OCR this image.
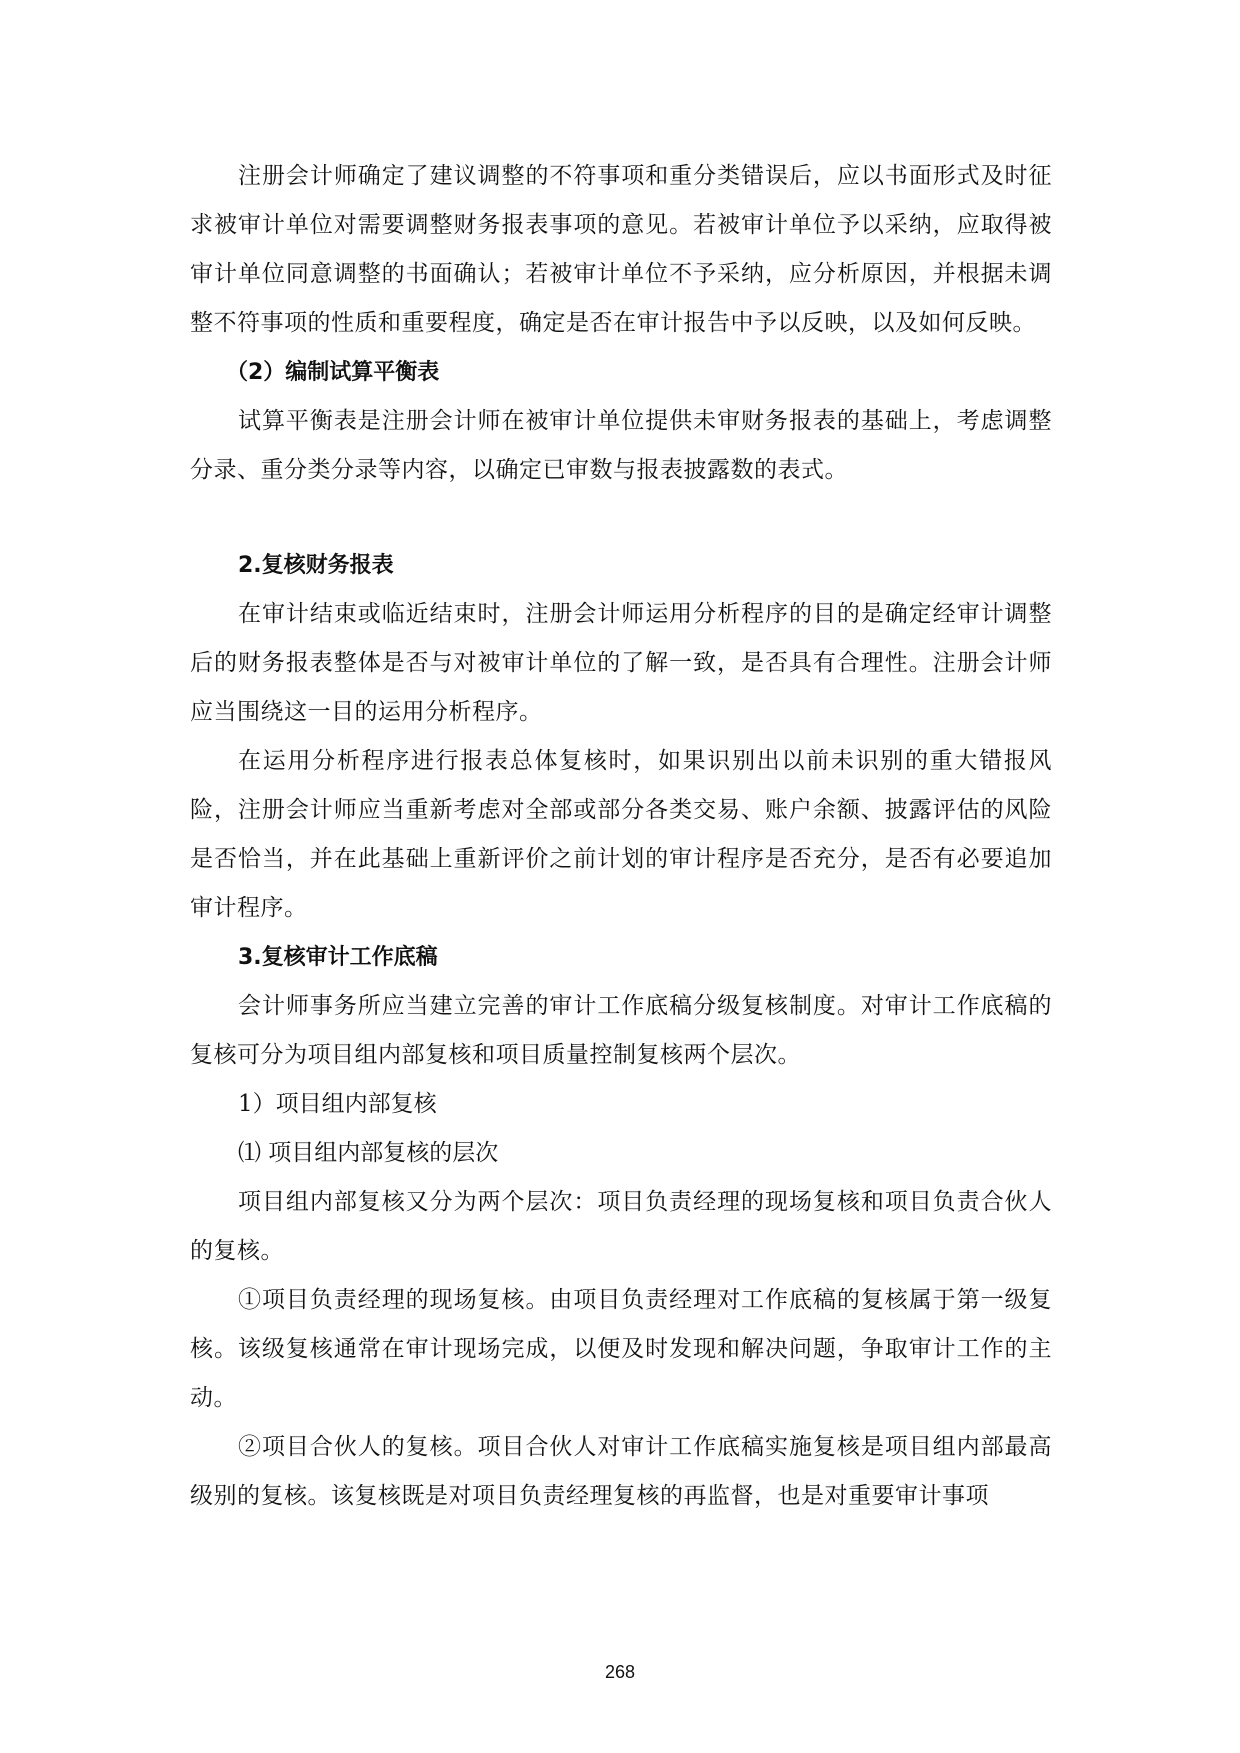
注册会计师确定了建议调整的不符事项和重分类错误后，应以书面形式及时征求被审计单位对需要调整财务报表事项的意见。若被审计单位予以采纳，应取得被审计单位同意调整的书面确认；若被审计单位不予采纳，应分析原因，并根据未调整不符事项的性质和重要程度，确定是否在审计报告中予以反映，以及如何反映。

（2）编制试算平衡表

试算平衡表是注册会计师在被审计单位提供未审财务报表的基础上，考虑调整分录、重分类分录等内容，以确定已审数与报表披露数的表式。

2.复核财务报表

在审计结束或临近结束时，注册会计师运用分析程序的目的是确定经审计调整后的财务报表整体是否与对被审计单位的了解一致，是否具有合理性。注册会计师应当围绕这一目的运用分析程序。

在运用分析程序进行报表总体复核时，如果识别出以前未识别的重大错报风险，注册会计师应当重新考虑对全部或部分各类交易、账户余额、披露评估的风险是否恰当，并在此基础上重新评价之前计划的审计程序是否充分，是否有必要追加审计程序。

3.复核审计工作底稿

会计师事务所应当建立完善的审计工作底稿分级复核制度。对审计工作底稿的复核可分为项目组内部复核和项目质量控制复核两个层次。

1）项目组内部复核

⑴ 项目组内部复核的层次

项目组内部复核又分为两个层次：项目负责经理的现场复核和项目负责合伙人的复核。

①项目负责经理的现场复核。由项目负责经理对工作底稿的复核属于第一级复核。该级复核通常在审计现场完成，以便及时发现和解决问题，争取审计工作的主动。

②项目合伙人的复核。项目合伙人对审计工作底稿实施复核是项目组内部最高级别的复核。该复核既是对项目负责经理复核的再监督，也是对重要审计事项

268
